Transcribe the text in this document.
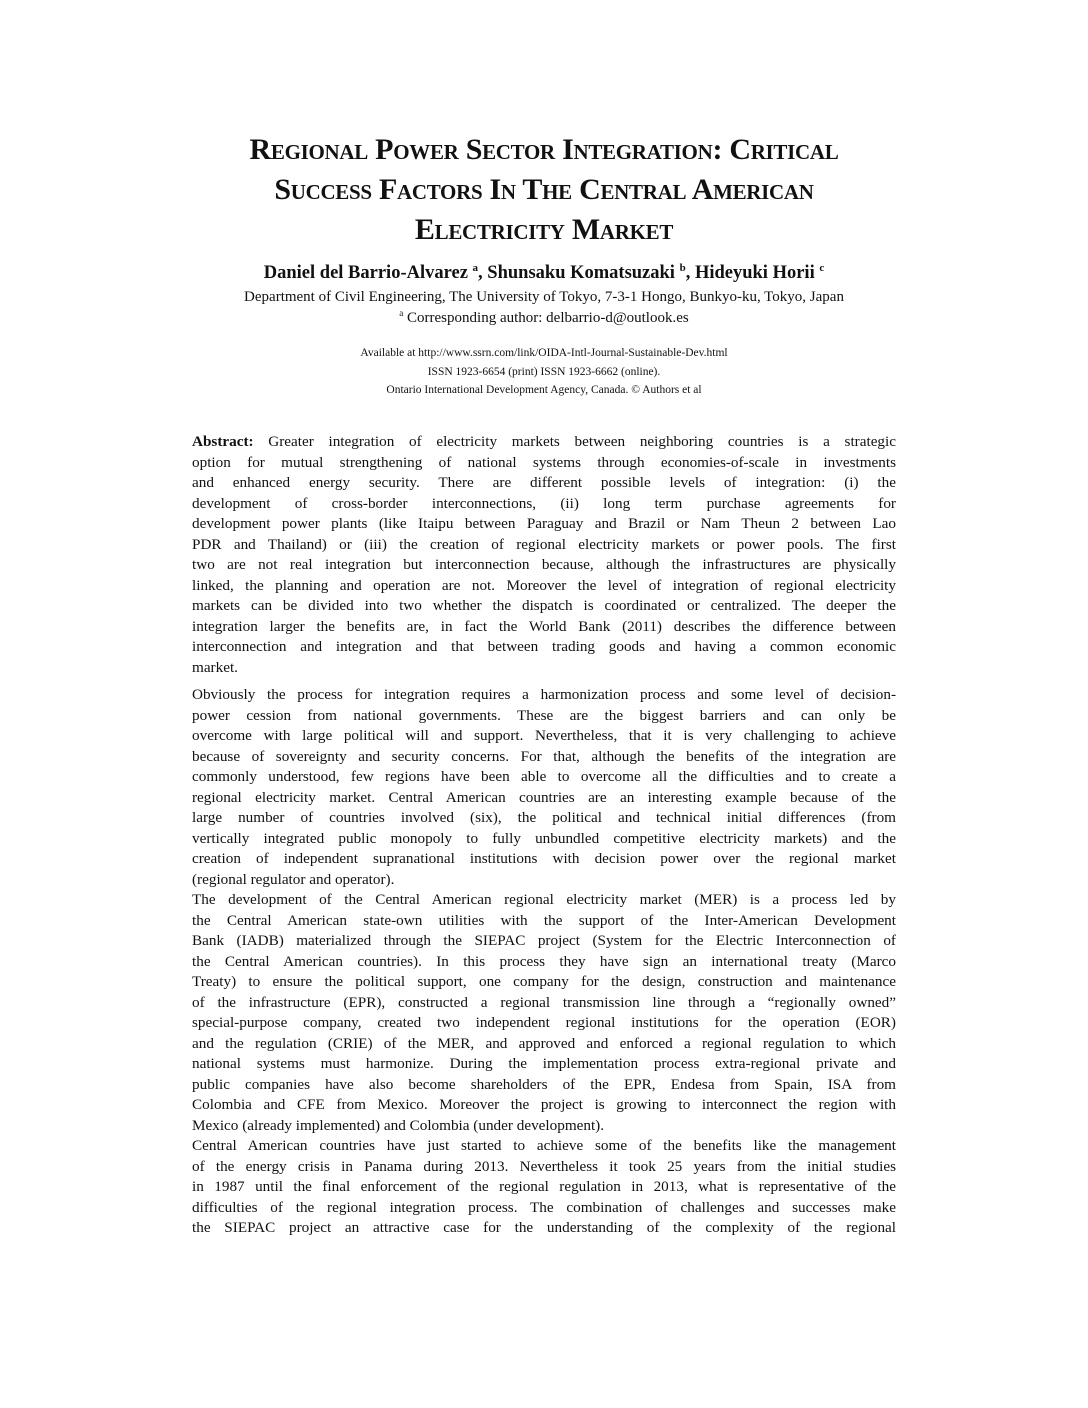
Regional Power Sector Integration: Critical
Success Factors In The Central American
Electricity Market
Daniel del Barrio-Alvarez $^a$, Shunsaku Komatsuzaki $^b$, Hideyuki Horii $^c$
Department of Civil Engineering, The University of Tokyo, 7-3-1 Hongo, Bunkyo-ku, Tokyo, Japan
$^a$ Corresponding author: delbarrio-d@outlook.es
Available at http://www.ssrn.com/link/OIDA-Intl-Journal-Sustainable-Dev.html
ISSN 1923-6654 (print) ISSN 1923-6662 (online).
Ontario International Development Agency, Canada. © Authors et al
Abstract: Greater integration of electricity markets between neighboring countries is a strategic
option for mutual strengthening of national systems through economies-of-scale in investments
and enhanced energy security. There are different possible levels of integration: (i) the
development of cross-border interconnections, (ii) long term purchase agreements for
development power plants (like Itaipu between Paraguay and Brazil or Nam Theun 2 between Lao
PDR and Thailand) or (iii) the creation of regional electricity markets or power pools. The first
two are not real integration but interconnection because, although the infrastructures are physically
linked, the planning and operation are not. Moreover the level of integration of regional electricity
markets can be divided into two whether the dispatch is coordinated or centralized. The deeper the
integration larger the benefits are, in fact the World Bank (2011) describes the difference between
interconnection and integration and that between trading goods and having a common economic
market.
Obviously the process for integration requires a harmonization process and some level of decision-
power cession from national governments. These are the biggest barriers and can only be
overcome with large political will and support. Nevertheless, that it is very challenging to achieve
because of sovereignty and security concerns. For that, although the benefits of the integration are
commonly understood, few regions have been able to overcome all the difficulties and to create a
regional electricity market. Central American countries are an interesting example because of the
large number of countries involved (six), the political and technical initial differences (from
vertically integrated public monopoly to fully unbundled competitive electricity markets) and the
creation of independent supranational institutions with decision power over the regional market
(regional regulator and operator).
The development of the Central American regional electricity market (MER) is a process led by
the Central American state-own utilities with the support of the Inter-American Development
Bank (IADB) materialized through the SIEPAC project (System for the Electric Interconnection of
the Central American countries). In this process they have sign an international treaty (Marco
Treaty) to ensure the political support, one company for the design, construction and maintenance
of the infrastructure (EPR), constructed a regional transmission line through a “regionally owned”
special-purpose company, created two independent regional institutions for the operation (EOR)
and the regulation (CRIE) of the MER, and approved and enforced a regional regulation to which
national systems must harmonize. During the implementation process extra-regional private and
public companies have also become shareholders of the EPR, Endesa from Spain, ISA from
Colombia and CFE from Mexico. Moreover the project is growing to interconnect the region with
Mexico (already implemented) and Colombia (under development).
Central American countries have just started to achieve some of the benefits like the management
of the energy crisis in Panama during 2013. Nevertheless it took 25 years from the initial studies
in 1987 until the final enforcement of the regional regulation in 2013, what is representative of the
difficulties of the regional integration process. The combination of challenges and successes make
the SIEPAC project an attractive case for the understanding of the complexity of the regional
